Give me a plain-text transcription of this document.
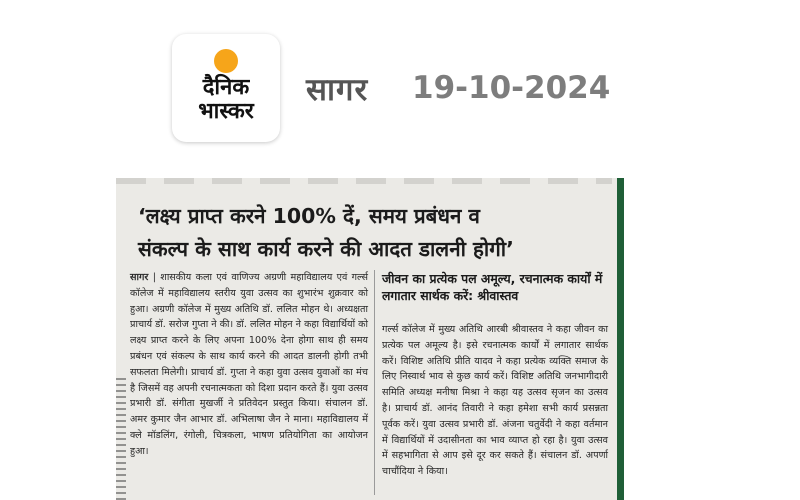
दैनिक
भास्कर
सागर 19-10-2024
‘लक्ष्य प्राप्त करने 100% दें, समय प्रबंधन व
संकल्प के साथ कार्य करने की आदत डालनी होगी’

सागर | शासकीय कला एवं वाणिज्य अग्रणी महाविद्यालय एवं गर्ल्स कॉलेज में महाविद्यालय स्तरीय युवा उत्सव का शुभारंभ शुक्रवार को हुआ। अग्रणी कॉलेज में मुख्य अतिथि डॉ. ललित मोहन थे। अध्यक्षता प्राचार्य डॉ. सरोज गुप्ता ने की। डॉ. ललित मोहन ने कहा विद्यार्थियों को लक्ष्य प्राप्त करने के लिए अपना 100% देना होगा साथ ही समय प्रबंधन एवं संकल्प के साथ कार्य करने की आदत डालनी होगी तभी सफलता मिलेगी। प्राचार्य डॉ. गुप्ता ने कहा युवा उत्सव युवाओं का मंच है जिसमें वह अपनी रचनात्मकता को दिशा प्रदान करते हैं। युवा उत्सव प्रभारी डॉ. संगीता मुखर्जी ने प्रतिवेदन प्रस्तुत किया। संचालन डॉ. अमर कुमार जैन आभार डॉ. अभिलाषा जैन ने माना। महाविद्यालय में क्ले मॉडलिंग, रंगोली, चित्रकला, भाषण प्रतियोगिता का आयोजन हुआ।

जीवन का प्रत्येक पल अमूल्य, रचनात्मक कार्यों में लगातार सार्थक करें: श्रीवास्तव

गर्ल्स कॉलेज में मुख्य अतिथि आरबी श्रीवास्तव ने कहा जीवन का प्रत्येक पल अमूल्य है। इसे रचनात्मक कार्यों में लगातार सार्थक करें। विशिष्ट अतिथि प्रीति यादव ने कहा प्रत्येक व्यक्ति समाज के लिए निस्वार्थ भाव से कुछ कार्य करें। विशिष्ट अतिथि जनभागीदारी समिति अध्यक्ष मनीषा मिश्रा ने कहा यह उत्सव सृजन का उत्सव है। प्राचार्य डॉ. आनंद तिवारी ने कहा हमेशा सभी कार्य प्रसन्नता पूर्वक करें। युवा उत्सव प्रभारी डॉ. अंजना चतुर्वेदी ने कहा वर्तमान में विद्यार्थियों में उदासीनता का भाव व्याप्त हो रहा है। युवा उत्सव में सहभागिता से आप इसे दूर कर सकते हैं। संचालन डॉ. अपर्णा चाचौंदिया ने किया।
